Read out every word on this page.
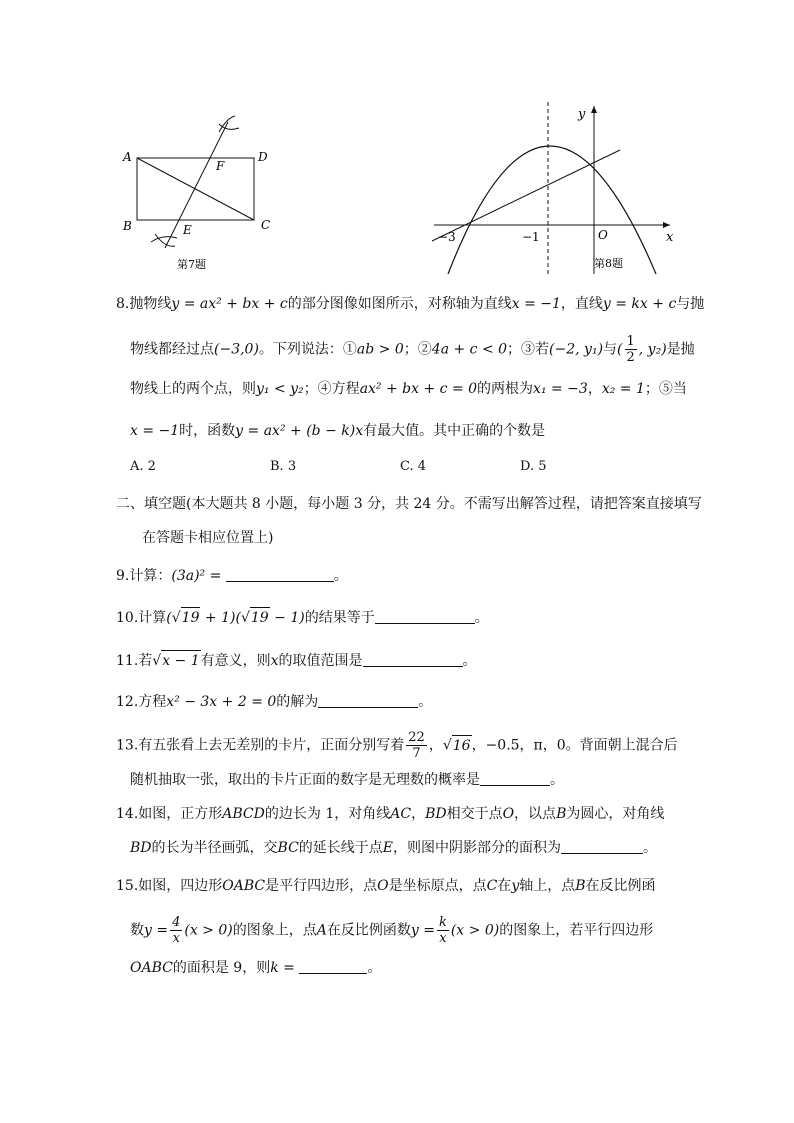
A	D
B	C
F
E
第7题
y
x
O
−3	−1
第8题
8.抛物线y = ax² + bx + c的部分图像如图所示，对称轴为直线x = −1，直线y = kx + c与抛
物线都经过点(−3,0)。下列说法：①ab > 0；②4a + c < 0；③若(−2, y₁)与( $\frac{1}{2}$ , y₂)是抛
物线上的两个点，则y₁ < y₂；④方程ax² + bx + c = 0的两根为x₁ = −3，x₂ = 1；⑤当
x = −1时，函数y = ax² + (b − k)x有最大值。其中正确的个数是
A. 2	B. 3	C. 4	D. 5
二、填空题(本大题共 8 小题，每小题 3 分，共 24 分。不需写出解答过程，请把答案直接填写
在答题卡相应位置上)
9.计算：(3a)² =	。
10.计算(√19 + 1)(√19 − 1)的结果等于	。
11.若√x − 1有意义，则x的取值范围是	。
12.方程x² − 3x + 2 = 0的解为	。
13.有五张看上去无差别的卡片，正面分别写着 $\frac{22}{7}$ ，√16，−0.5，π，0。背面朝上混合后
随机抽取一张，取出的卡片正面的数字是无理数的概率是	。
14.如图，正方形ABCD的边长为 1，对角线AC，BD相交于点O，以点B为圆心，对角线
BD的长为半径画弧，交BC的延长线于点E，则图中阴影部分的面积为	。
15.如图，四边形OABC是平行四边形，点O是坐标原点，点C在y轴上，点B在反比例函
数$y = \frac{4}{x} (x > 0)$的图象上，点A在反比例函数$y = \frac{k}{x} (x > 0)$的图象上，若平行四边形
OABC的面积是 9，则k =	。
